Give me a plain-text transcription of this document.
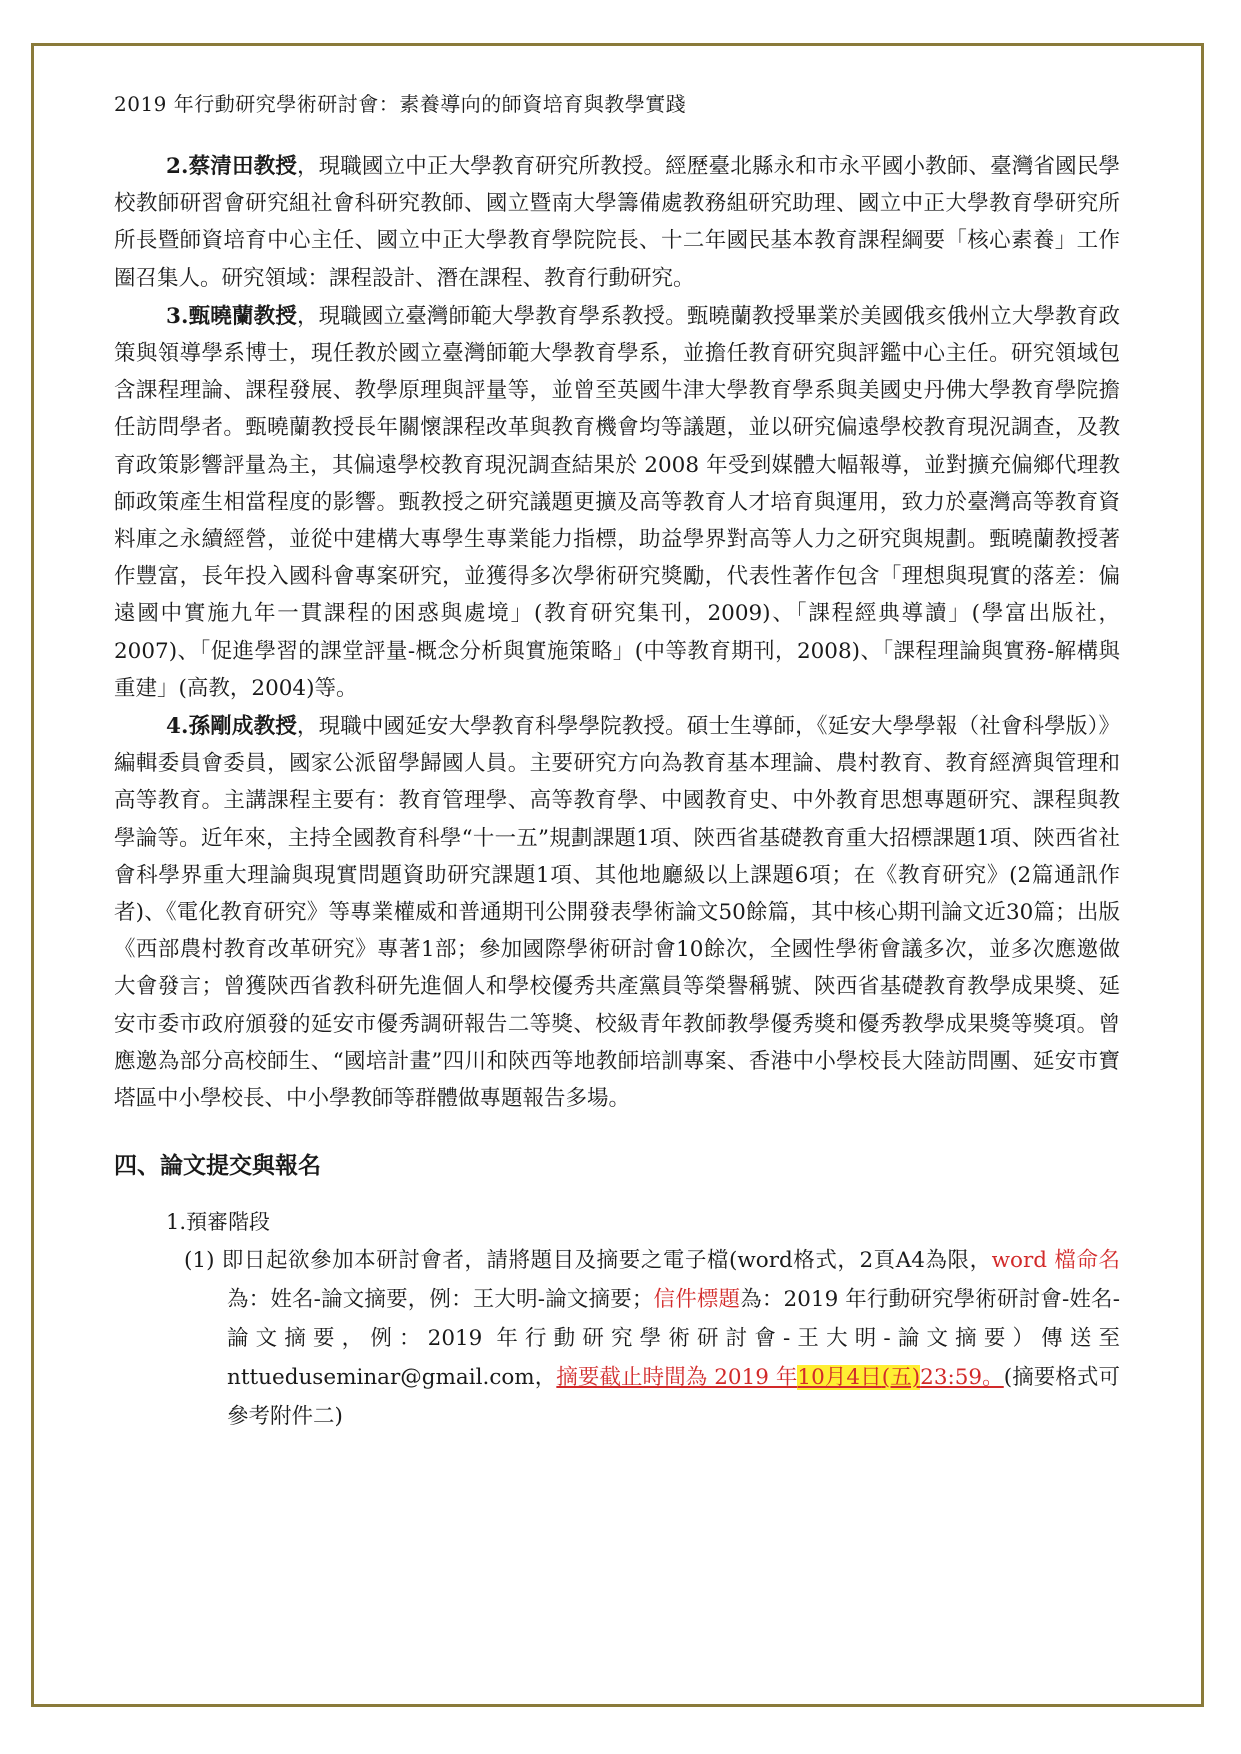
2019 年行動研究學術研討會：素養導向的師資培育與教學實踐

2.蔡清田教授，現職國立中正大學教育研究所教授。經歷臺北縣永和市永平國小教師、臺灣省國民學校教師研習會研究組社會科研究教師、國立暨南大學籌備處教務組研究助理、國立中正大學教育學研究所所長暨師資培育中心主任、國立中正大學教育學院院長、十二年國民基本教育課程綱要「核心素養」工作圈召集人。研究領域：課程設計、潛在課程、教育行動研究。

3.甄曉蘭教授，現職國立臺灣師範大學教育學系教授。甄曉蘭教授畢業於美國俄亥俄州立大學教育政策與領導學系博士，現任教於國立臺灣師範大學教育學系，並擔任教育研究與評鑑中心主任。研究領域包含課程理論、課程發展、教學原理與評量等，並曾至英國牛津大學教育學系與美國史丹佛大學教育學院擔任訪問學者。甄曉蘭教授長年關懷課程改革與教育機會均等議題，並以研究偏遠學校教育現況調查，及教育政策影響評量為主，其偏遠學校教育現況調查結果於 2008 年受到媒體大幅報導，並對擴充偏鄉代理教師政策產生相當程度的影響。甄教授之研究議題更擴及高等教育人才培育與運用，致力於臺灣高等教育資料庫之永續經營，並從中建構大專學生專業能力指標，助益學界對高等人力之研究與規劃。甄曉蘭教授著作豐富，長年投入國科會專案研究，並獲得多次學術研究獎勵，代表性著作包含「理想與現實的落差：偏遠國中實施九年一貫課程的困惑與處境」(教育研究集刊，2009)、「課程經典導讀」(學富出版社，2007)、「促進學習的課堂評量-概念分析與實施策略」(中等教育期刊，2008)、「課程理論與實務-解構與重建」(高教，2004)等。

4.孫剛成教授，現職中國延安大學教育科學學院教授。碩士生導師，《延安大學學報（社會科學版）》編輯委員會委員，國家公派留學歸國人員。主要研究方向為教育基本理論、農村教育、教育經濟與管理和高等教育。主講課程主要有：教育管理學、高等教育學、中國教育史、中外教育思想專題研究、課程與教學論等。近年來，主持全國教育科學“十一五”規劃課題1項、陝西省基礎教育重大招標課題1項、陝西省社會科學界重大理論與現實問題資助研究課題1項、其他地廳級以上課題6項；在《教育研究》(2篇通訊作者)、《電化教育研究》等專業權威和普通期刊公開發表學術論文50餘篇，其中核心期刊論文近30篇；出版《西部農村教育改革研究》專著1部；參加國際學術研討會10餘次，全國性學術會議多次，並多次應邀做大會發言；曾獲陝西省教科研先進個人和學校優秀共產黨員等榮譽稱號、陝西省基礎教育教學成果獎、延安市委市政府頒發的延安市優秀調研報告二等獎、校級青年教師教學優秀獎和優秀教學成果獎等獎項。曾應邀為部分高校師生、“國培計畫”四川和陝西等地教師培訓專案、香港中小學校長大陸訪問團、延安市寶塔區中小學校長、中小學教師等群體做專題報告多場。

四、論文提交與報名
1.預審階段
(1) 即日起欲參加本研討會者，請將題目及摘要之電子檔(word格式，2頁A4為限，word 檔命名為：姓名-論文摘要，例：王大明-論文摘要；信件標題為：2019 年行動研究學術研討會-姓名-論文摘要，例：2019 年行動研究學術研討會-王大明-論文摘要）傳送至 nttueduseminar@gmail.com，摘要截止時間為 2019 年10月4日(五)23:59。(摘要格式可參考附件二)
